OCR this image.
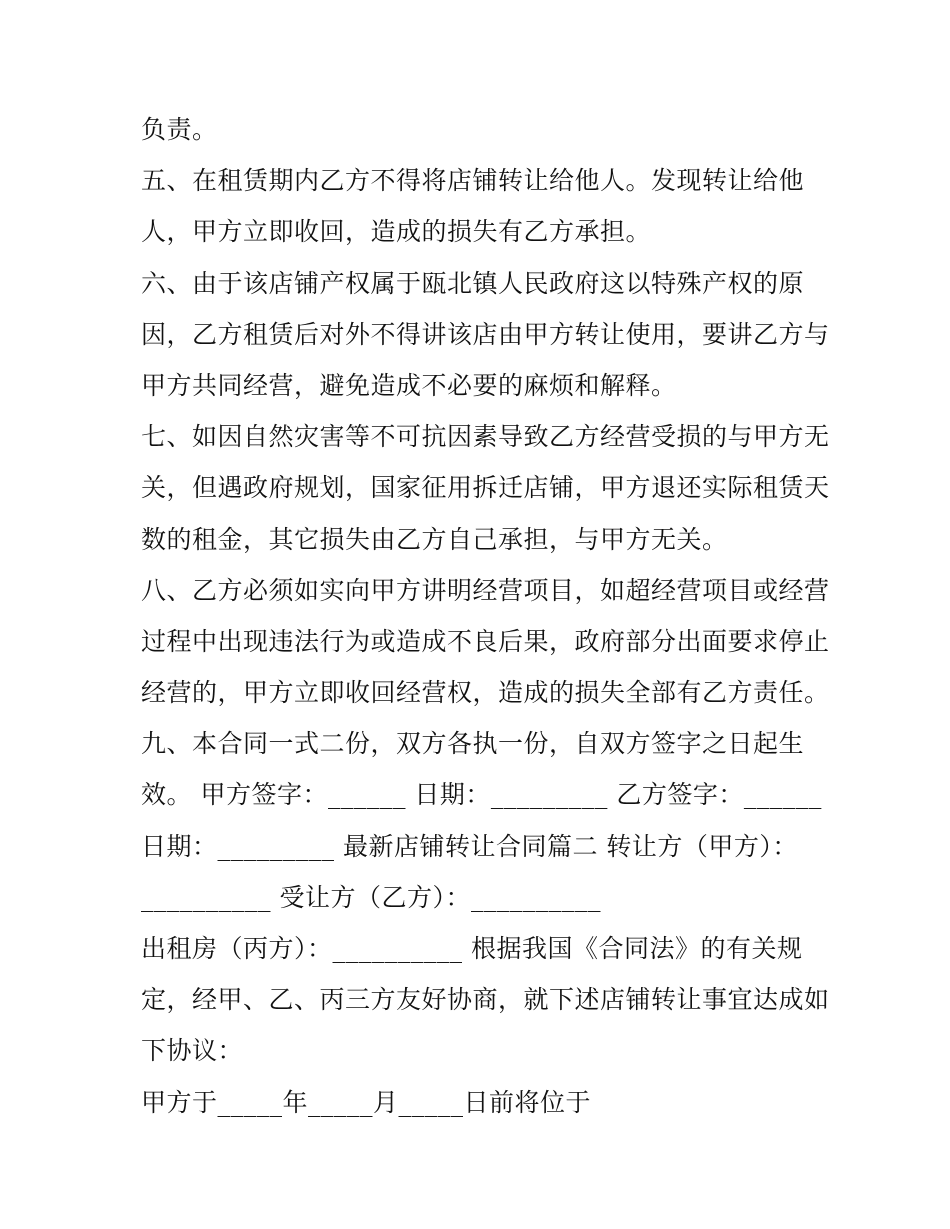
负责。
五、在租赁期内乙方不得将店铺转让给他人。发现转让给他
人，甲方立即收回，造成的损失有乙方承担。
六、由于该店铺产权属于瓯北镇人民政府这以特殊产权的原
因，乙方租赁后对外不得讲该店由甲方转让使用，要讲乙方与
甲方共同经营，避免造成不必要的麻烦和解释。
七、如因自然灾害等不可抗因素导致乙方经营受损的与甲方无
关，但遇政府规划，国家征用拆迁店铺，甲方退还实际租赁天
数的租金，其它损失由乙方自己承担，与甲方无关。
八、乙方必须如实向甲方讲明经营项目，如超经营项目或经营
过程中出现违法行为或造成不良后果，政府部分出面要求停止
经营的，甲方立即收回经营权，造成的损失全部有乙方责任。
九、本合同一式二份，双方各执一份，自双方签字之日起生
效。 甲方签字：______ 日期：_________ 乙方签字：______
日期：_________ 最新店铺转让合同篇二 转让方（甲方）：
__________ 受让方（乙方）：__________
出租房（丙方）：__________ 根据我国《合同法》的有关规
定，经甲、乙、丙三方友好协商，就下述店铺转让事宜达成如
下协议：
甲方于_____年_____月_____日前将位于
